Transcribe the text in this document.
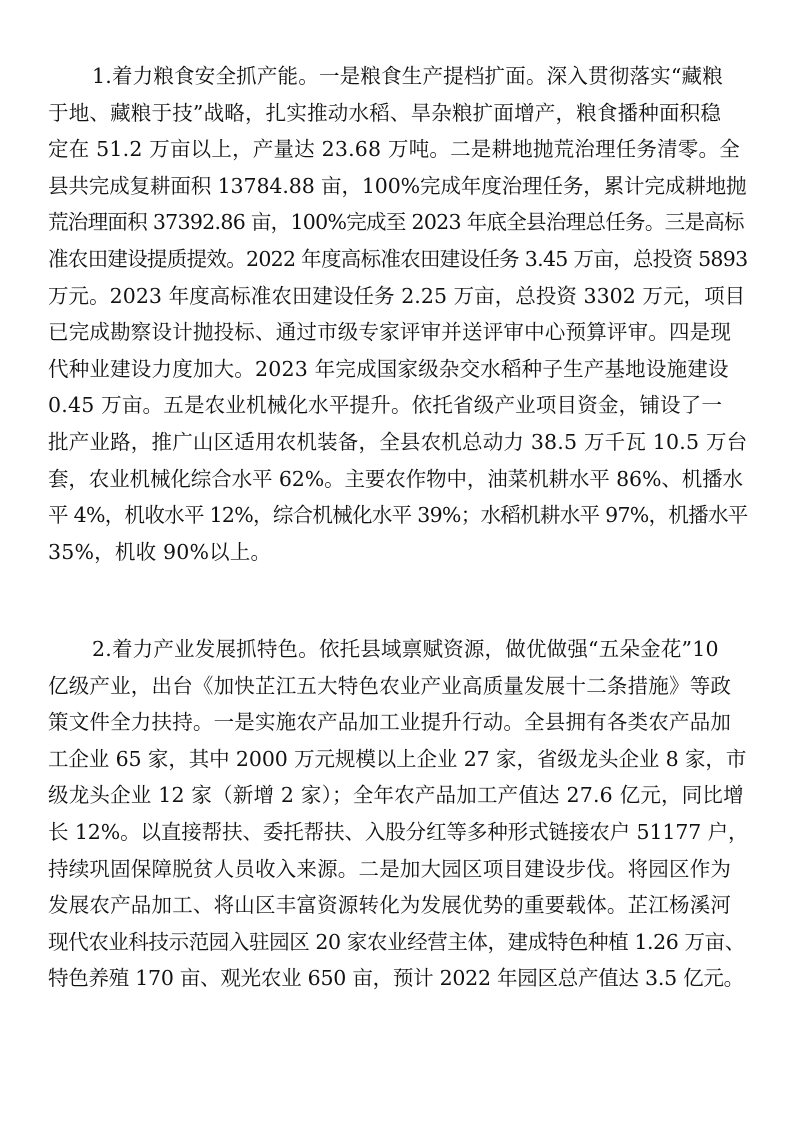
1.着力粮食安全抓产能。一是粮食生产提档扩面。深入贯彻落实“藏粮
于地、藏粮于技”战略，扎实推动水稻、旱杂粮扩面增产，粮食播种面积稳
定在 51.2 万亩以上，产量达 23.68 万吨。二是耕地抛荒治理任务清零。全
县共完成复耕面积 13784.88 亩，100%完成年度治理任务，累计完成耕地抛
荒治理面积 37392.86 亩，100%完成至 2023 年底全县治理总任务。三是高标
准农田建设提质提效。2022 年度高标准农田建设任务 3.45 万亩，总投资 5893
万元。2023 年度高标准农田建设任务 2.25 万亩，总投资 3302 万元，项目
已完成勘察设计抛投标、通过市级专家评审并送评审中心预算评审。四是现
代种业建设力度加大。2023 年完成国家级杂交水稻种子生产基地设施建设
0.45 万亩。五是农业机械化水平提升。依托省级产业项目资金，铺设了一
批产业路，推广山区适用农机装备，全县农机总动力 38.5 万千瓦 10.5 万台
套，农业机械化综合水平 62%。主要农作物中，油菜机耕水平 86%、机播水
平 4%，机收水平 12%，综合机械化水平 39%；水稻机耕水平 97%，机播水平
35%，机收 90%以上。
2.着力产业发展抓特色。依托县域禀赋资源，做优做强“五朵金花”10
亿级产业，出台《加快芷江五大特色农业产业高质量发展十二条措施》等政
策文件全力扶持。一是实施农产品加工业提升行动。全县拥有各类农产品加
工企业 65 家，其中 2000 万元规模以上企业 27 家，省级龙头企业 8 家，市
级龙头企业 12 家（新增 2 家）；全年农产品加工产值达 27.6 亿元，同比增
长 12%。以直接帮扶、委托帮扶、入股分红等多种形式链接农户 51177 户，
持续巩固保障脱贫人员收入来源。二是加大园区项目建设步伐。将园区作为
发展农产品加工、将山区丰富资源转化为发展优势的重要载体。芷江杨溪河
现代农业科技示范园入驻园区 20 家农业经营主体，建成特色种植 1.26 万亩、
特色养殖 170 亩、观光农业 650 亩，预计 2022 年园区总产值达 3.5 亿元。
